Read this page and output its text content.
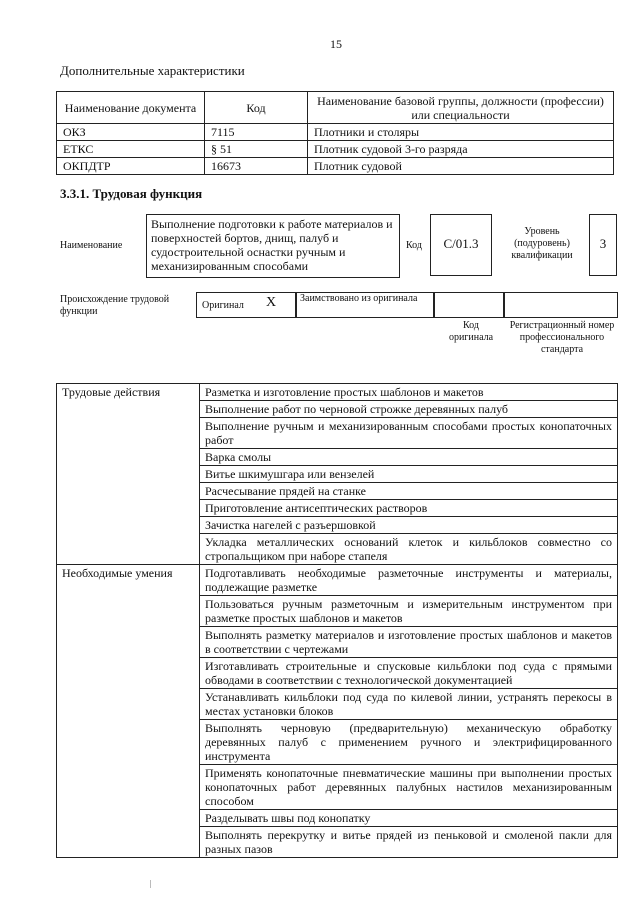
15
Дополнительные характеристики
Наименование документа	Код	Наименование базовой группы, должности (профессии) или специальности
ОКЗ	7115	Плотники и столяры
ЕТКС	§ 51	Плотник судовой 3-го разряда
ОКПДТР	16673	Плотник судовой
3.3.1. Трудовая функция
Наименование
Выполнение подготовки к работе материалов и поверхностей бортов, днищ, палуб и судостроительной оснастки ручным и механизированным способами
Код	С/01.3
Уровень (подуровень) квалификации
3
Происхождение трудовой функции
Оригинал X Заимствовано из оригинала
Код оригинала
Регистрационный номер профессионального стандарта
Трудовые действия	Разметка и изготовление простых шаблонов и макетов
	Выполнение работ по черновой строжке деревянных палуб
	Выполнение ручным и механизированным способами простых конопаточных работ
	Варка смолы
	Витье шкимушгара или вензелей
	Расчесывание прядей на станке
	Приготовление антисептических растворов
	Зачистка нагелей с разъершовкой
	Укладка металлических оснований клеток и кильблоков совместно со стропальщиком при наборе стапеля
Необходимые умения	Подготавливать необходимые разметочные инструменты и материалы, подлежащие разметке
	Пользоваться ручным разметочным и измерительным инструментом при разметке простых шаблонов и макетов
	Выполнять разметку материалов и изготовление простых шаблонов и макетов в соответствии с чертежами
	Изготавливать строительные и спусковые кильблоки под суда с прямыми обводами в соответствии с технологической документацией
	Устанавливать кильблоки под суда по килевой линии, устранять перекосы в местах установки блоков
	Выполнять черновую (предварительную) механическую обработку деревянных палуб с применением ручного и электрифицированного инструмента
	Применять конопаточные пневматические машины при выполнении простых конопаточных работ деревянных палубных настилов механизированным способом
	Разделывать швы под конопатку
	Выполнять перекрутку и витье прядей из пеньковой и смоленой пакли для разных пазов
